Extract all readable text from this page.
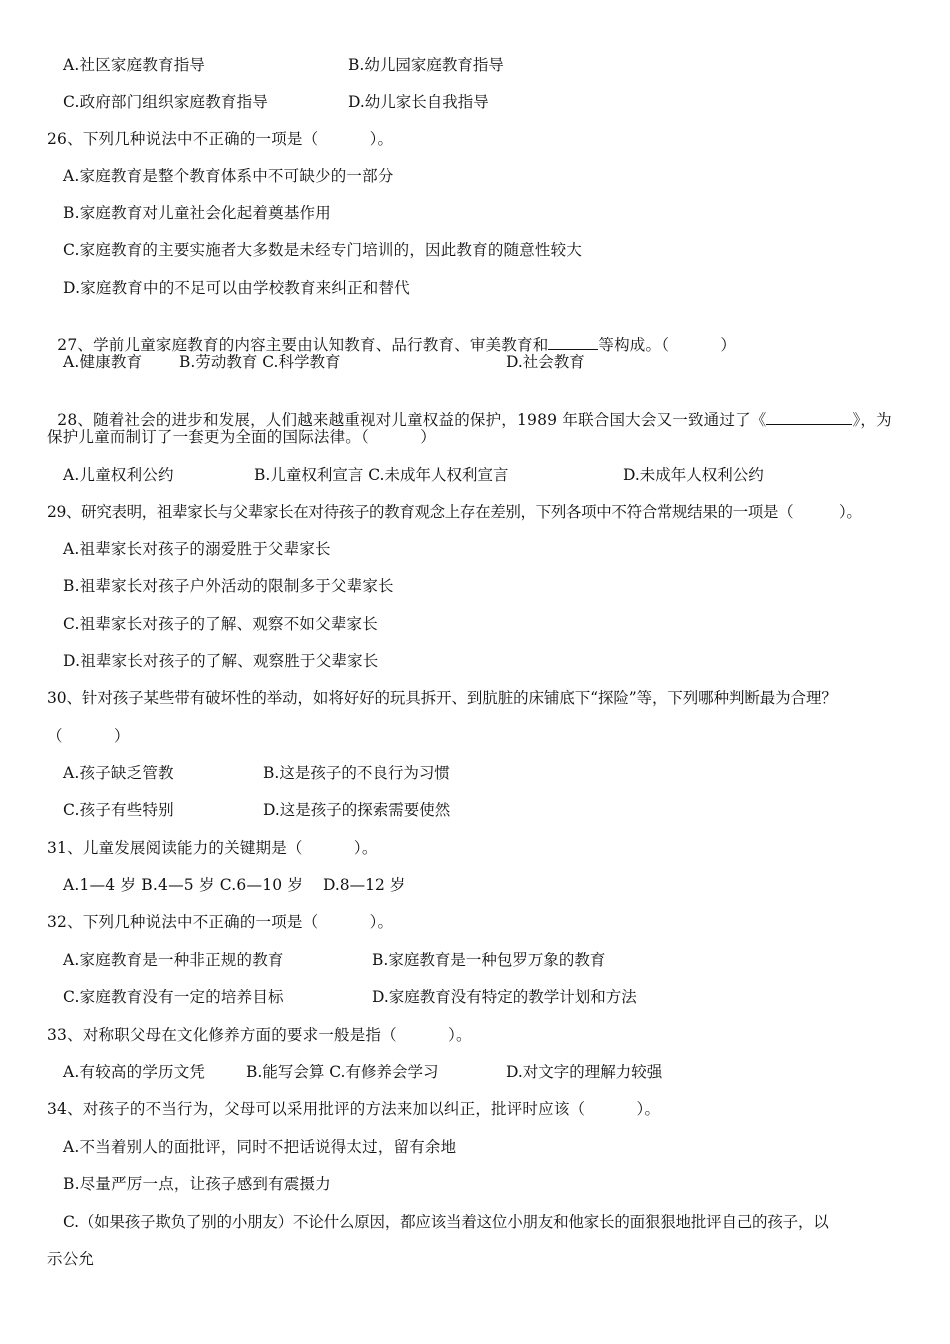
A.社区家庭教育指导	B.幼儿园家庭教育指导
C.政府部门组织家庭教育指导	D.幼儿家长自我指导
26、下列几种说法中不正确的一项是（          ）。
A.家庭教育是整个教育体系中不可缺少的一部分
B.家庭教育对儿童社会化起着奠基作用
C.家庭教育的主要实施者大多数是未经专门培训的，因此教育的随意性较大
D.家庭教育中的不足可以由学校教育来纠正和替代

27、学前儿童家庭教育的内容主要由认知教育、品行教育、审美教育和	等构成。（          ）

A.健康教育 B.劳动教育 C.科学教育	D.社会教育

28、随着社会的进步和发展，人们越来越重视对儿童权益的保护，1989 年联合国大会又一致通过了《	》，为

保护儿童而制订了一套更为全面的国际法律。（          ）
A.儿童权利公约	B.儿童权利宣言 C.未成年人权利宣言	D.未成年人权利公约
29、研究表明，祖辈家长与父辈家长在对待孩子的教育观念上存在差别，下列各项中不符合常规结果的一项是（          ）。
A.祖辈家长对孩子的溺爱胜于父辈家长
B.祖辈家长对孩子户外活动的限制多于父辈家长
C.祖辈家长对孩子的了解、观察不如父辈家长
D.祖辈家长对孩子的了解、观察胜于父辈家长
30、针对孩子某些带有破坏性的举动，如将好好的玩具拆开、到肮脏的床铺底下“探险”等，下列哪种判断最为合理？
（          ）
A.孩子缺乏管教	B.这是孩子的不良行为习惯
C.孩子有些特别	D.这是孩子的探索需要使然
31、儿童发展阅读能力的关键期是（          ）。
A.1—4 岁 B.4—5 岁 C.6—10 岁 D.8—12 岁
32、下列几种说法中不正确的一项是（          ）。
A.家庭教育是一种非正规的教育	B.家庭教育是一种包罗万象的教育
C.家庭教育没有一定的培养目标	D.家庭教育没有特定的教学计划和方法
33、对称职父母在文化修养方面的要求一般是指（          ）。
A.有较高的学历文凭	B.能写会算 C.有修养会学习	D.对文字的理解力较强
34、对孩子的不当行为，父母可以采用批评的方法来加以纠正，批评时应该（          ）。
A.不当着别人的面批评，同时不把话说得太过，留有余地
B.尽量严厉一点，让孩子感到有震摄力
C.（如果孩子欺负了别的小朋友）不论什么原因，都应该当着这位小朋友和他家长的面狠狠地批评自己的孩子，以
示公允
